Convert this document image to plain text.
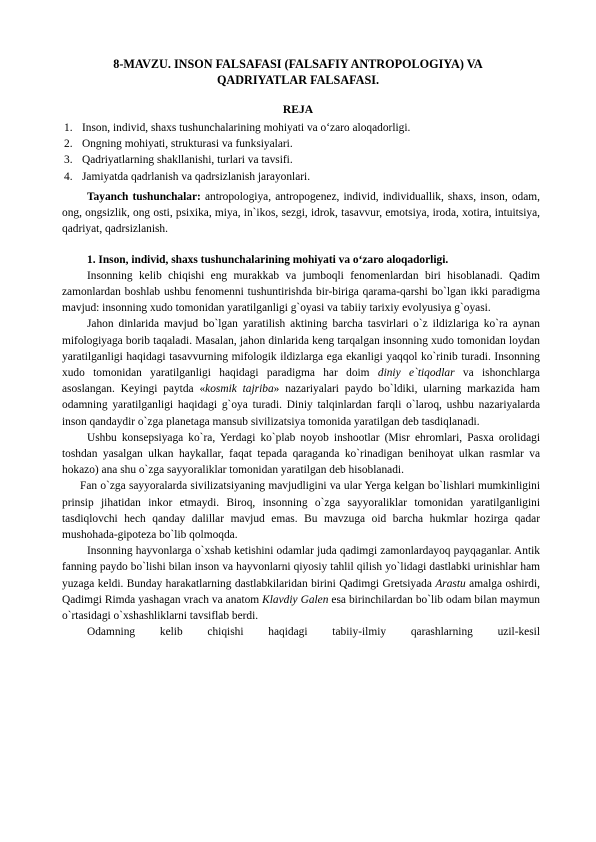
8-MAVZU. INSON FALSAFASI (FALSAFIY ANTROPOLOGIYA) VA
QADRIYATLAR FALSAFASI.
REJA
1. Inson, individ, shaxs tushunchalarining mohiyati va o‘zaro aloqadorligi.
2. Ongning mohiyati, strukturasi va funksiyalari.
3. Qadriyatlarning shakllanishi, turlari va tavsifi.
4. Jamiyatda qadrlanish va qadrsizlanish jarayonlari.

Tayanch tushunchalar: antropologiya, antropogenez, individ, individuallik, shaxs, inson, odam, ong, ongsizlik, ong osti, psixika, miya, in`ikos, sezgi, idrok, tasavvur, emotsiya, iroda, xotira, intuitsiya, qadriyat, qadrsizlanish.

1. Inson, individ, shaxs tushunchalarining mohiyati va o‘zaro aloqadorligi.

Insonning kelib chiqishi eng murakkab va jumboqli fenomenlardan biri hisoblanadi. Qadim zamonlardan boshlab ushbu fenomenni tushuntirishda bir-biriga qarama-qarshi bo`lgan ikki paradigma mavjud: insonning xudo tomonidan yaratilganligi g`oyasi va tabiiy tarixiy evolyusiya g`oyasi.

Jahon dinlarida mavjud bo`lgan yaratilish aktining barcha tasvirlari o`z ildizlariga ko`ra aynan mifologiyaga borib taqaladi. Masalan, jahon dinlarida keng tarqalgan insonning xudo tomonidan loydan yaratilganligi haqidagi tasavvurning mifologik ildizlarga ega ekanligi yaqqol ko`rinib turadi. Insonning xudo tomonidan yaratilganligi haqidagi paradigma har doim diniy e`tiqodlar va ishonchlarga asoslangan. Keyingi paytda «kosmik tajriba» nazariyalari paydo bo`ldiki, ularning markazida ham odamning yaratilganligi haqidagi g`oya turadi. Diniy talqinlardan farqli o`laroq, ushbu nazariyalarda inson qandaydir o`zga planetaga mansub sivilizatsiya tomonida yaratilgan deb tasdiqlanadi.

Ushbu konsepsiyaga ko`ra, Yerdagi ko`plab noyob inshootlar (Misr ehromlari, Pasxa orolidagi toshdan yasalgan ulkan haykallar, faqat tepada qaraganda ko`rinadigan benihoyat ulkan rasmlar va hokazo) ana shu o`zga sayyoraliklar tomonidan yaratilgan deb hisoblanadi.

Fan o`zga sayyoralarda sivilizatsiyaning mavjudligini va ular Yerga kelgan bo`lishlari mumkinligini prinsip jihatidan inkor etmaydi. Biroq, insonning o`zga sayyoraliklar tomonidan yaratilganligini tasdiqlovchi hech qanday dalillar mavjud emas. Bu mavzuga oid barcha hukmlar hozirga qadar mushohada-gipoteza bo`lib qolmoqda.

Insonning hayvonlarga o`xshab ketishini odamlar juda qadimgi zamonlardayoq payqaganlar. Antik fanning paydo bo`lishi bilan inson va hayvonlarni qiyosiy tahlil qilish yo`lidagi dastlabki urinishlar ham yuzaga keldi. Bunday harakatlarning dastlabkilaridan birini Qadimgi Gretsiyada Arastu amalga oshirdi, Qadimgi Rimda yashagan vrach va anatom Klavdiy Galen esa birinchilardan bo`lib odam bilan maymun o`rtasidagi o`xshashliklarni tavsiflab berdi.

Odamning kelib chiqishi haqidagi tabiiy-ilmiy qarashlarning uzil-kesil
